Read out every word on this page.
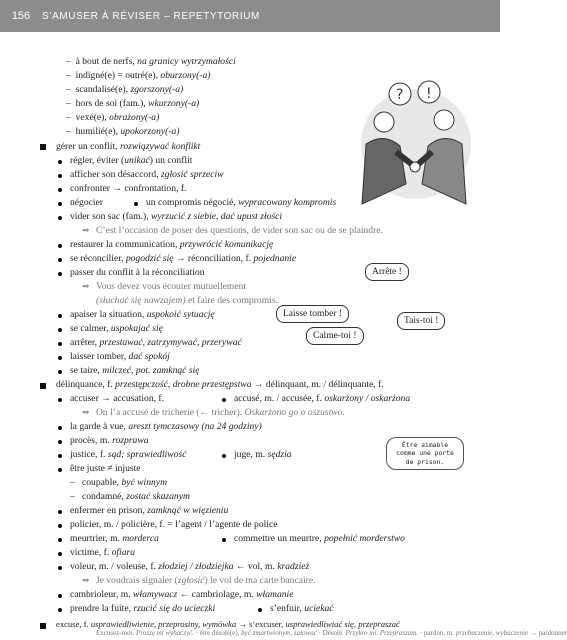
156	S’AMUSER À RÉVISER – REPETYTORIUM
–  à bout de nerfs, na granicy wytrzymałości
–  indigné(e) = outré(e), oburzony(-a)
–  scandalisé(e), zgorszony(-a)
–  hors de soi (fam.), wkurzony(-a)
–  vexé(e), obrażony(-a)
–  humilié(e), upokorzony(-a)
gérer un conflit, rozwiązywać konflikt
régler, éviter (unikać) un conflit
afficher son désaccord, zgłosić sprzeciw
confronter → confrontation, f.
négocier	un compromis négocié, wypracowany kompromis
vider son sac (fam.), wyrzucić z siebie, dać upust złości
➡ C’est l’occasion de poser des questions, de vider son sac ou de se plaindre.
restaurer la communication, przywrócić komunikację
se réconcilier, pogodzić się → réconciliation, f. pojednanie
passer du conflit à la réconciliation
➡ Vous devez vous écouter mutuellement
(słuchać się nawzajem) et faire des compromis.
apaiser la situation, uspokoić sytuację
se calmer, uspokajać się
arrêter, przestawać, zatrzymywać, przerywać
laisser tomber, dać spokój
se taire, milczeć, pot. zamknąć się
Arrête !
Laisse tomber !
Tais-toi !
Calme-toi !
? !
délinquance, f. przestępczość, drobne przestępstwa → délinquant, m. / délinquante, f.
accuser → accusation, f.	accusé, m. / accusée, f. oskarżony / oskarżona
➡ On l’a accusé de tricherie (← tricher). Oskarżono go o oszustwo.
la garde à vue, areszt tymczasowy (na 24 godziny)
procès, m. rozprawa
justice, f. sąd; sprawiedliwość	juge, m. sędzia
être juste ≠ injuste
–   coupable, być winnym
–   condamné, zostać skazanym
enfermer en prison, zamknąć w więzieniu
policier, m. / policière, f. = l’agent / l’agente de police
meurtrier, m. morderca	commettre un meurtre, popełnić morderstwo
victime, f. ofiara
voleur, m. / voleuse, f. złodziej / złodziejka ← vol, m. kradzież
➡ Je voudrais signaler (zgłosić) le vol de ma carte bancaire.
cambrioleur, m. włamywacz ← cambriolage, m. włamanie
prendre la fuite, rzucić się do ucieczki	s’enfuir, uciekać
Être aimable comme une porte de prison.
excuse, f. usprawiedliwienie, przeprosiny, wymówka → s’excuser, usprawiedliwiać się, przepraszać
Excusez-moi. Proszę mi wybaczyć. · être désolé(e), być zmartwionym, żałować · Désolé. Przykro mi. Przepraszam. · pardon, m. przebaczenie, wybaczenie → pardonner
